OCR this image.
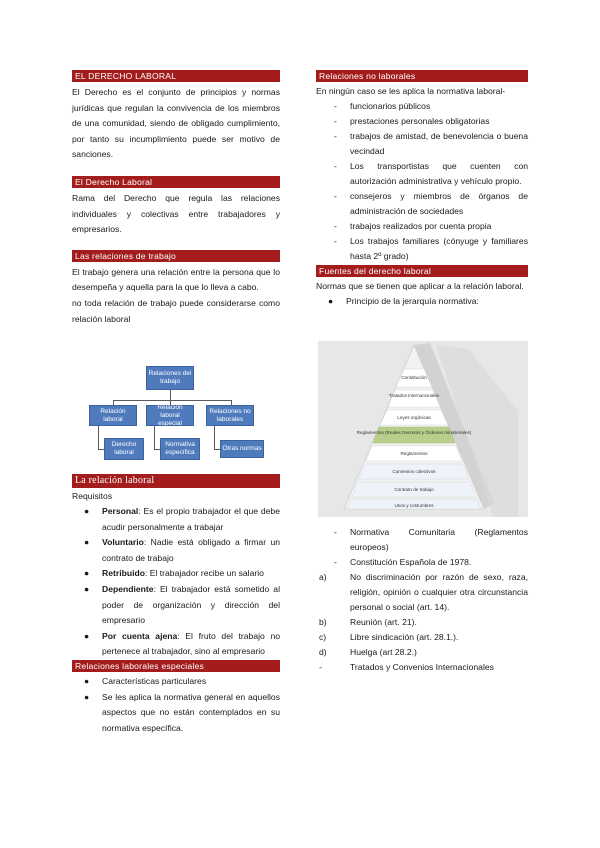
EL DERECHO LABORAL
El Derecho es el conjunto de principios y normas jurídicas que regulan la convivencia de los miembros de una comunidad, siendo de obligado cumplimiento, por tanto su incumplimiento puede ser motivo de sanciones.
El Derecho Laboral
Rama del Derecho que regula las relaciones individuales y colectivas entre trabajadores y empresarios.
Las relaciones de trabajo
El trabajo genera una relación entre la persona que lo desempeña y aquella para la que lo lleva a cabo.
no toda relación de trabajo puede considerarse como relación laboral
Relaciones del trabajo
Relación laboral
Relación laboral especial
Relaciones no laborales
Derecho laboral
Normativa específica
Otras normas
La relación laboral
Requisitos
● Personal: Es el propio trabajador el que debe acudir personalmente a trabajar
● Voluntario: Nadie está obligado a firmar un contrato de trabajo
● Retribuido: El trabajador recibe un salario
● Dependiente: El trabajador está sometido al poder de organización y dirección del empresario
● Por cuenta ajena: El fruto del trabajo no pertenece al trabajador, sino al empresario
Relaciones laborales especiales
● Características particulares
● Se les aplica la normativa general en aquellos aspectos que no están contemplados en su normativa específica.
Relaciones no laborales
En ningún caso se les aplica la normativa laboral-
- funcionarios públicos
- prestaciones personales obligatorias
- trabajos de amistad, de benevolencia o buena vecindad
- Los transportistas que cuenten con autorización administrativa y vehículo propio.
- consejeros y miembros de órganos de administración de sociedades
- trabajos realizados por cuenta propia
- Los trabajos familiares (cónyuge y familiares hasta 2º grado)
Fuentes del derecho laboral
Normas que se tienen que aplicar a la relación laboral.
● Principio de la jerarquía normativa:
Constitución
Tratados internacionales
Leyes orgánicas
Reglamentos (Reales Decretos y Órdenes ministeriales)
Reglamentos
Convenios colectivos
Contrato de trabajo
Usos y costumbres
- Normativa Comunitaria (Reglamentos europeos)
- Constitución Española de 1978.
a)	No discriminación por razón de sexo, raza, religión, opinión o cualquier otra circunstancia personal o social (art. 14).
b)	Reunión (art. 21).
c)	Libre sindicación (art. 28.1.).
d)	Huelga (art 28.2.)
-	Tratados y Convenios Internacionales
